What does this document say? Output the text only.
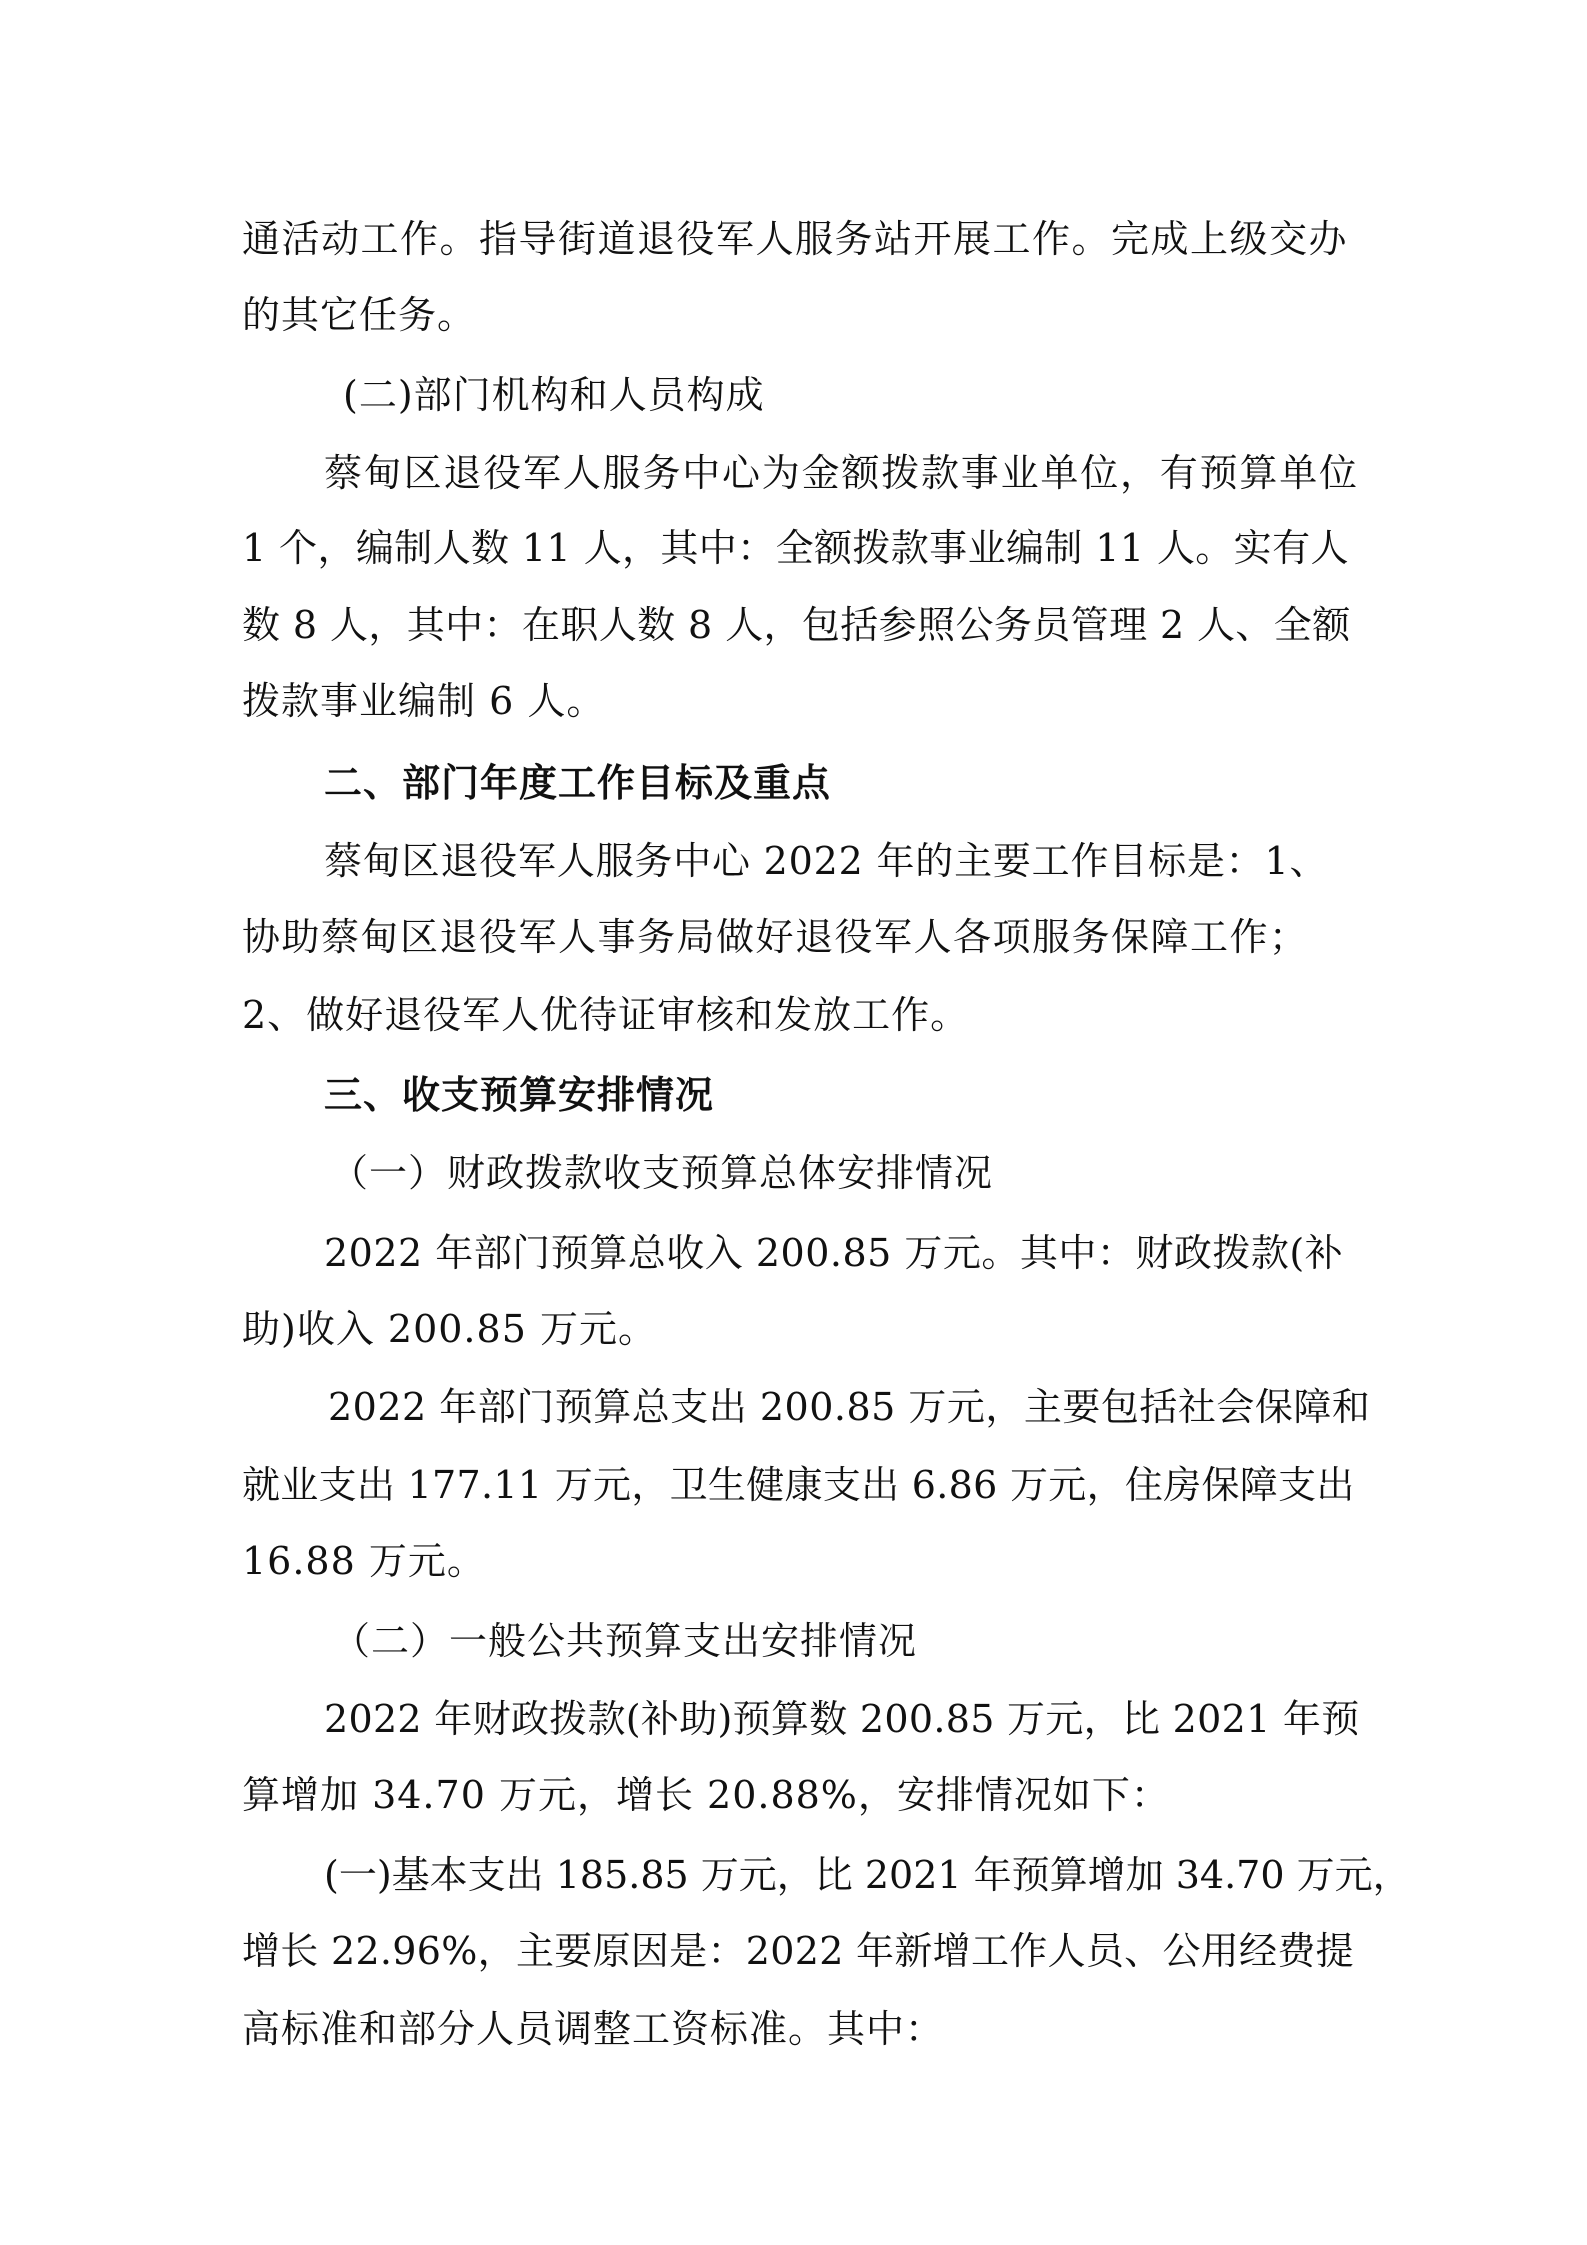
通活动工作。指导街道退役军人服务站开展工作。完成上级交办
的其它任务。
(二)部门机构和人员构成
蔡甸区退役军人服务中心为金额拨款事业单位，有预算单位
1 个，编制人数 11 人，其中：全额拨款事业编制 11 人。实有人
数 8 人，其中：在职人数 8 人，包括参照公务员管理 2 人、全额
拨款事业编制 6 人。
二、部门年度工作目标及重点
蔡甸区退役军人服务中心 2022 年的主要工作目标是：1、
协助蔡甸区退役军人事务局做好退役军人各项服务保障工作；
2、做好退役军人优待证审核和发放工作。
三、收支预算安排情况
（一）财政拨款收支预算总体安排情况
2022 年部门预算总收入 200.85 万元。其中：财政拨款(补
助)收入 200.85 万元。
2022 年部门预算总支出 200.85 万元，主要包括社会保障和
就业支出 177.11 万元，卫生健康支出 6.86 万元，住房保障支出
16.88 万元。
（二）一般公共预算支出安排情况
2022 年财政拨款(补助)预算数 200.85 万元，比 2021 年预
算增加 34.70 万元，增长 20.88%，安排情况如下：
(一)基本支出 185.85 万元，比 2021 年预算增加 34.70 万元，
增长 22.96%，主要原因是：2022 年新增工作人员、公用经费提
高标准和部分人员调整工资标准。其中：
